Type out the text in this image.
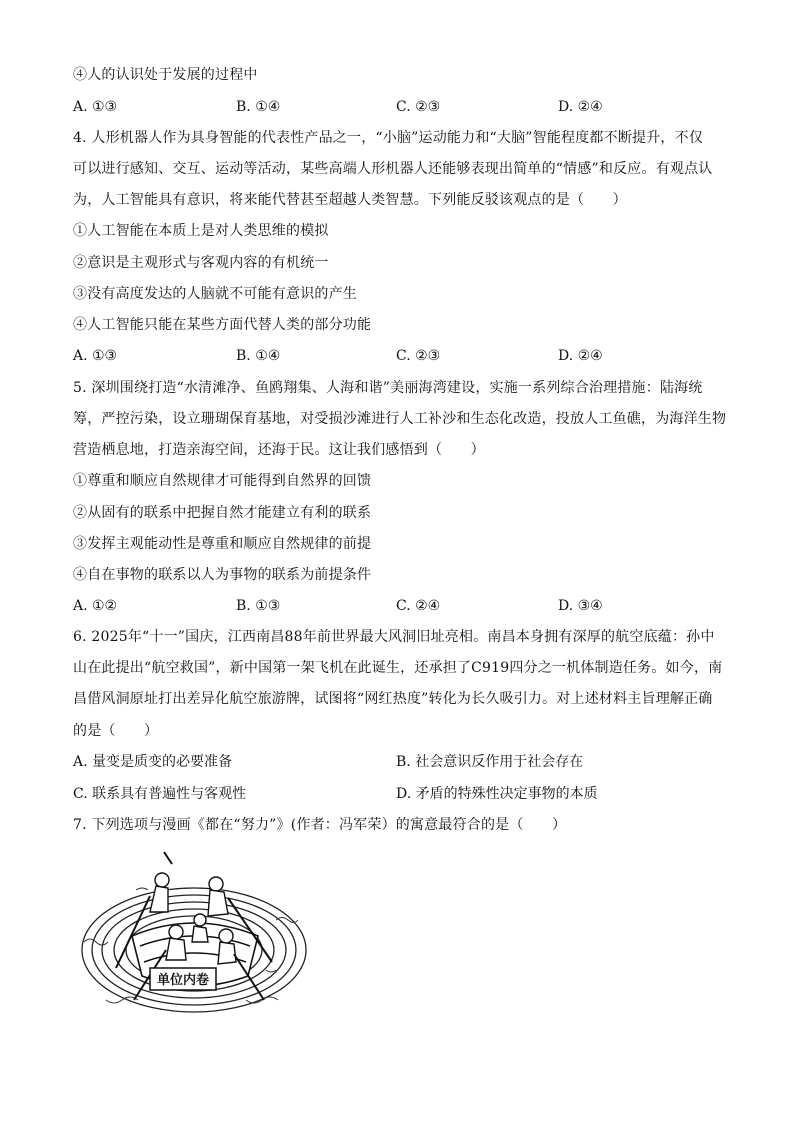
④人的认识处于发展的过程中
A. ①③	B. ①④	C. ②③	D. ②④
4. 人形机器人作为具身智能的代表性产品之一，“小脑”运动能力和“大脑”智能程度都不断提升，不仅
可以进行感知、交互、运动等活动，某些高端人形机器人还能够表现出简单的“情感”和反应。有观点认
为，人工智能具有意识，将来能代替甚至超越人类智慧。下列能反驳该观点的是（　　）
①人工智能在本质上是对人类思维的模拟
②意识是主观形式与客观内容的有机统一
③没有高度发达的人脑就不可能有意识的产生
④人工智能只能在某些方面代替人类的部分功能
A. ①③	B. ①④	C. ②③	D. ②④
5. 深圳围绕打造“水清滩净、鱼鸥翔集、人海和谐”美丽海湾建设，实施一系列综合治理措施：陆海统
筹，严控污染，设立珊瑚保育基地，对受损沙滩进行人工补沙和生态化改造，投放人工鱼礁，为海洋生物
营造栖息地，打造亲海空间，还海于民。这让我们感悟到（　　）
①尊重和顺应自然规律才可能得到自然界的回馈
②从固有的联系中把握自然才能建立有利的联系
③发挥主观能动性是尊重和顺应自然规律的前提
④自在事物的联系以人为事物的联系为前提条件
A. ①②	B. ①③	C. ②④	D. ③④
6. 2025年“十一”国庆，江西南昌88年前世界最大风洞旧址亮相。南昌本身拥有深厚的航空底蕴：孙中
山在此提出“航空救国”，新中国第一架飞机在此诞生，还承担了C919四分之一机体制造任务。如今，南
昌借风洞原址打出差异化航空旅游牌，试图将“网红热度”转化为长久吸引力。对上述材料主旨理解正确
的是（　　）
A. 量变是质变的必要准备	B. 社会意识反作用于社会存在
C. 联系具有普遍性与客观性	D. 矛盾的特殊性决定事物的本质
7. 下列选项与漫画《都在“努力”》(作者：冯军荣）的寓意最符合的是（　　）
单位内卷
